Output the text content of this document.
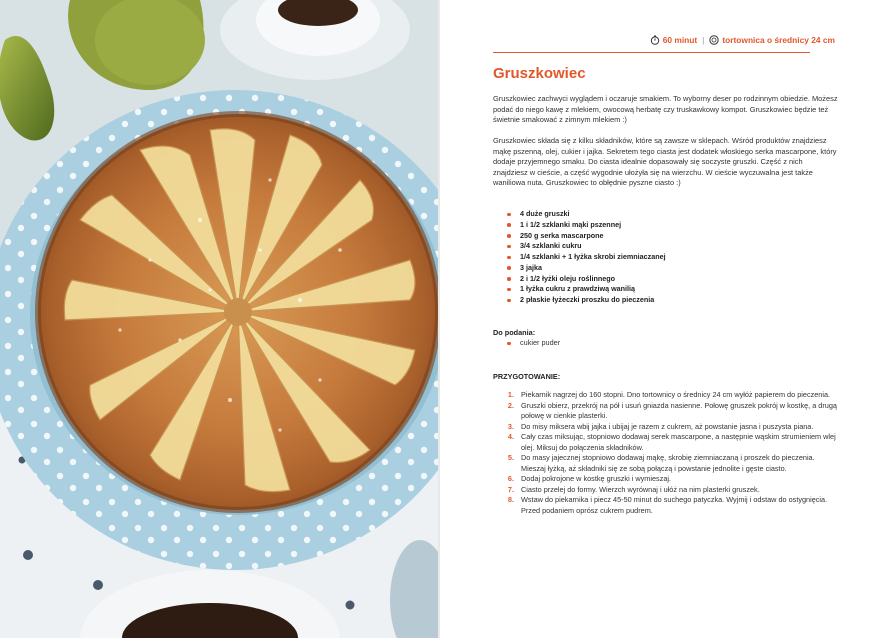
60 minut | tortownica o średnicy 24 cm
Gruszkowiec

Gruszkowiec zachwyci wyglądem i oczaruje smakiem. To wyborny deser po rodzinnym obiedzie. Możesz podać do niego kawę z mlekiem, owocową herbatę czy truskawkowy kompot. Gruszkowiec będzie też świetnie smakować z zimnym mlekiem :)

Gruszkowiec składa się z kilku składników, które są zawsze w sklepach. Wśród produktów znajdziesz mąkę pszenną, olej, cukier i jajka. Sekretem tego ciasta jest dodatek włoskiego serka mascarpone, który dodaje przyjemnego smaku. Do ciasta idealnie dopasowały się soczyste gruszki. Część z nich znajdziesz w cieście, a część wygodnie ułożyła się na wierzchu. W cieście wyczuwalna jest także waniliowa nuta. Gruszkowiec to obłędnie pyszne ciasto :)

4 duże gruszki
1 i 1/2 szklanki mąki pszennej
250 g serka mascarpone
3/4 szklanki cukru
1/4 szklanki + 1 łyżka skrobi ziemniaczanej
3 jajka
2 i 1/2 łyżki oleju roślinnego
1 łyżka cukru z prawdziwą wanilią
2 płaskie łyżeczki proszku do pieczenia
Do podania:
cukier puder
PRZYGOTOWANIE:
1. Piekarnik nagrzej do 160 stopni. Dno tortownicy o średnicy 24 cm wyłóż papierem do pieczenia.
2. Gruszki obierz, przekrój na pół i usuń gniazda nasienne. Połowę gruszek pokrój w kostkę, a drugą połowę w cienkie plasterki.
3. Do misy miksera wbij jajka i ubijaj je razem z cukrem, aż powstanie jasna i puszysta piana.
4. Cały czas miksując, stopniowo dodawaj serek mascarpone, a następnie wąskim strumieniem wlej olej. Miksuj do połączenia składników.
5. Do masy jajecznej stopniowo dodawaj mąkę, skrobię ziemniaczaną i proszek do pieczenia. Mieszaj łyżką, aż składniki się ze sobą połączą i powstanie jednolite i gęste ciasto.
6. Dodaj pokrojone w kostkę gruszki i wymieszaj.
7. Ciasto przelej do formy. Wierzch wyrównaj i ułóż na nim plasterki gruszek.
8. Wstaw do piekarnika i piecz 45-50 minut do suchego patyczka. Wyjmij i odstaw do ostygnięcia. Przed podaniem oprósz cukrem pudrem.
